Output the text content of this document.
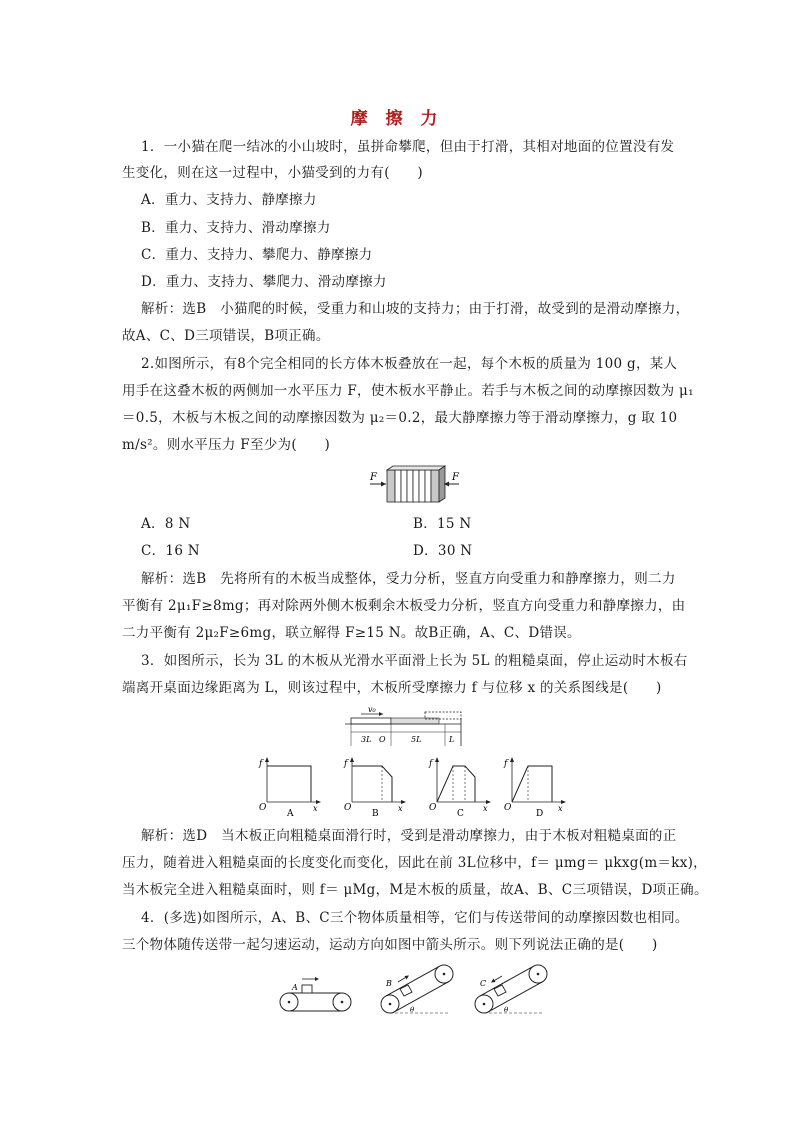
摩 擦 力
1．一小猫在爬一结冰的小山坡时，虽拼命攀爬，但由于打滑，其相对地面的位置没有发
生变化，则在这一过程中，小猫受到的力有(　　)
A．重力、支持力、静摩擦力
B．重力、支持力、滑动摩擦力
C．重力、支持力、攀爬力、静摩擦力
D．重力、支持力、攀爬力、滑动摩擦力
解析：选B　小猫爬的时候，受重力和山坡的支持力；由于打滑，故受到的是滑动摩擦力，
故A、C、D三项错误，B项正确。
2.如图所示，有8个完全相同的长方体木板叠放在一起，每个木板的质量为 100 g，某人
用手在这叠木板的两侧加一水平压力 F，使木板水平静止。若手与木板之间的动摩擦因数为 μ₁
＝0.5，木板与木板之间的动摩擦因数为 μ₂＝0.2，最大静摩擦力等于滑动摩擦力，g 取 10
m/s²。则水平压力 F至少为(　　)
F	F
A．8 N	B．15 N
C．16 N	D．30 N
解析：选B　先将所有的木板当成整体，受力分析，竖直方向受重力和静摩擦力，则二力
平衡有 2μ₁F≥8mg；再对除两外侧木板剩余木板受力分析，竖直方向受重力和静摩擦力，由
二力平衡有 2μ₂F≥6mg，联立解得 F≥15 N。故B正确，A、C、D错误。
3．如图所示，长为 3L 的木板从光滑水平面滑上长为 5L 的粗糙桌面，停止运动时木板右
端离开桌面边缘距离为 L，则该过程中，木板所受摩擦力 f 与位移 x 的关系图线是(　　)
v₀
3L O	5L	L
f
O	x
A
f
O	x
B
f
O	x
C
f
O	x
D
解析：选D　当木板正向粗糙桌面滑行时，受到是滑动摩擦力，由于木板对粗糙桌面的正
压力，随着进入粗糙桌面的长度变化而变化，因此在前 3L位移中，f＝ μmg＝ μkxg(m＝kx)，
当木板完全进入粗糙桌面时，则 f＝ μMg，M是木板的质量，故A、B、C三项错误，D项正确。
4．(多选)如图所示，A、B、C三个物体质量相等，它们与传送带间的动摩擦因数也相同。
三个物体随传送带一起匀速运动，运动方向如图中箭头所示。则下列说法正确的是(　　)
A	B
θ
C
θ
